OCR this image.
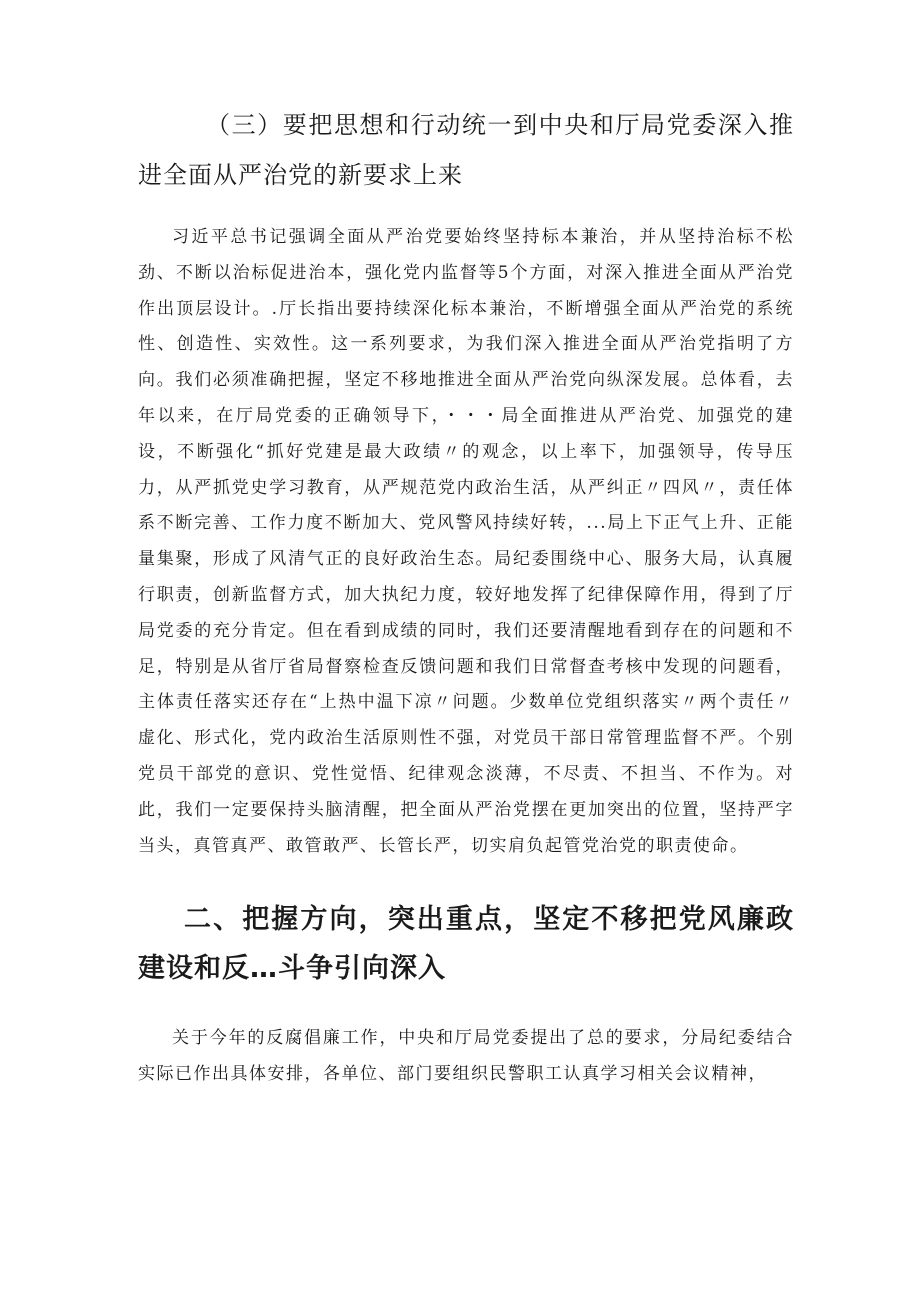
（三）要把思想和行动统一到中央和厅局党委深入推进全面从严治党的新要求上来

习近平总书记强调全面从严治党要始终坚持标本兼治，并从坚持治标不松劲、不断以治标促进治本，强化党内监督等5个方面，对深入推进全面从严治党作出顶层设计。.厅长指出要持续深化标本兼治，不断增强全面从严治党的系统性、创造性、实效性。这一系列要求，为我们深入推进全面从严治党指明了方向。我们必须准确把握，坚定不移地推进全面从严治党向纵深发展。总体看，去年以来，在厅局党委的正确领导下，・・・局全面推进从严治党、加强党的建设，不断强化“抓好党建是最大政绩〃的观念，以上率下，加强领导，传导压力，从严抓党史学习教育，从严规范党内政治生活，从严纠正〃四风〃，责任体系不断完善、工作力度不断加大、党风警风持续好转，...局上下正气上升、正能量集聚，形成了风清气正的良好政治生态。局纪委围绕中心、服务大局，认真履行职责，创新监督方式，加大执纪力度，较好地发挥了纪律保障作用，得到了厅局党委的充分肯定。但在看到成绩的同时，我们还要清醒地看到存在的问题和不足，特别是从省厅省局督察检查反馈问题和我们日常督查考核中发现的问题看，主体责任落实还存在“上热中温下凉〃问题。少数单位党组织落实〃两个责任〃虚化、形式化，党内政治生活原则性不强，对党员干部日常管理监督不严。个别党员干部党的意识、党性觉悟、纪律观念淡薄，不尽责、不担当、不作为。对此，我们一定要保持头脑清醒，把全面从严治党摆在更加突出的位置，坚持严字当头，真管真严、敢管敢严、长管长严，切实肩负起管党治党的职责使命。

二、把握方向，突出重点，坚定不移把党风廉政建设和反…斗争引向深入

关于今年的反腐倡廉工作，中央和厅局党委提出了总的要求，分局纪委结合实际已作出具体安排，各单位、部门要组织民警职工认真学习相关会议精神，
